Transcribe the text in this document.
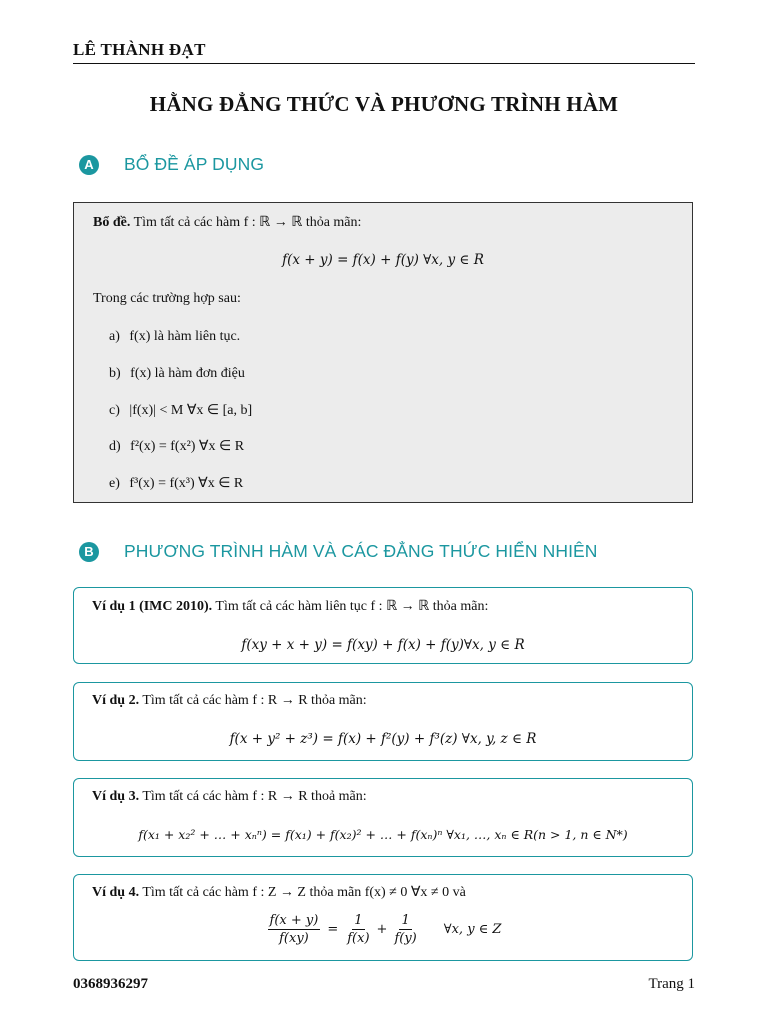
LÊ THÀNH ĐẠT
HẰNG ĐẲNG THỨC VÀ PHƯƠNG TRÌNH HÀM
A	BỔ ĐỀ ÁP DỤNG
Bổ đề. Tìm tất cả các hàm f : ℝ → ℝ thỏa mãn:
f(x + y) = f(x) + f(y) ∀x, y ∈ R
Trong các trường hợp sau:
a) f(x) là hàm liên tục.
b) f(x) là hàm đơn điệu
c) |f(x)| < M ∀x ∈ [a, b]
d) f²(x) = f(x²) ∀x ∈ R
e) f³(x) = f(x³) ∀x ∈ R
B	PHƯƠNG TRÌNH HÀM VÀ CÁC ĐẲNG THỨC HIỂN NHIÊN
Ví dụ 1 (IMC 2010). Tìm tất cả các hàm liên tục f : ℝ → ℝ thỏa mãn:
f(xy + x + y) = f(xy) + f(x) + f(y)∀x, y ∈ R
Ví dụ 2. Tìm tất cả các hàm f : R → R thỏa mãn:
f(x + y² + z³) = f(x) + f²(y) + f³(z) ∀x, y, z ∈ R
Ví dụ 3. Tìm tất cá các hàm f : R → R thoả mãn:
f(x₁ + x₂² + … + xₙⁿ) = f(x₁) + f(x₂)² + … + f(xₙ)ⁿ ∀x₁, …, xₙ ∈ R(n > 1, n ∈ N*)
Ví dụ 4. Tìm tất cả các hàm f : Z → Z thỏa mãn f(x) ≠ 0 ∀x ≠ 0 và
$\frac{f(x + y)}{f(xy)} = \frac{1}{f(x)} + \frac{1}{f(y)}$ ∀x, y ∈ Z
0368936297	Trang 1
